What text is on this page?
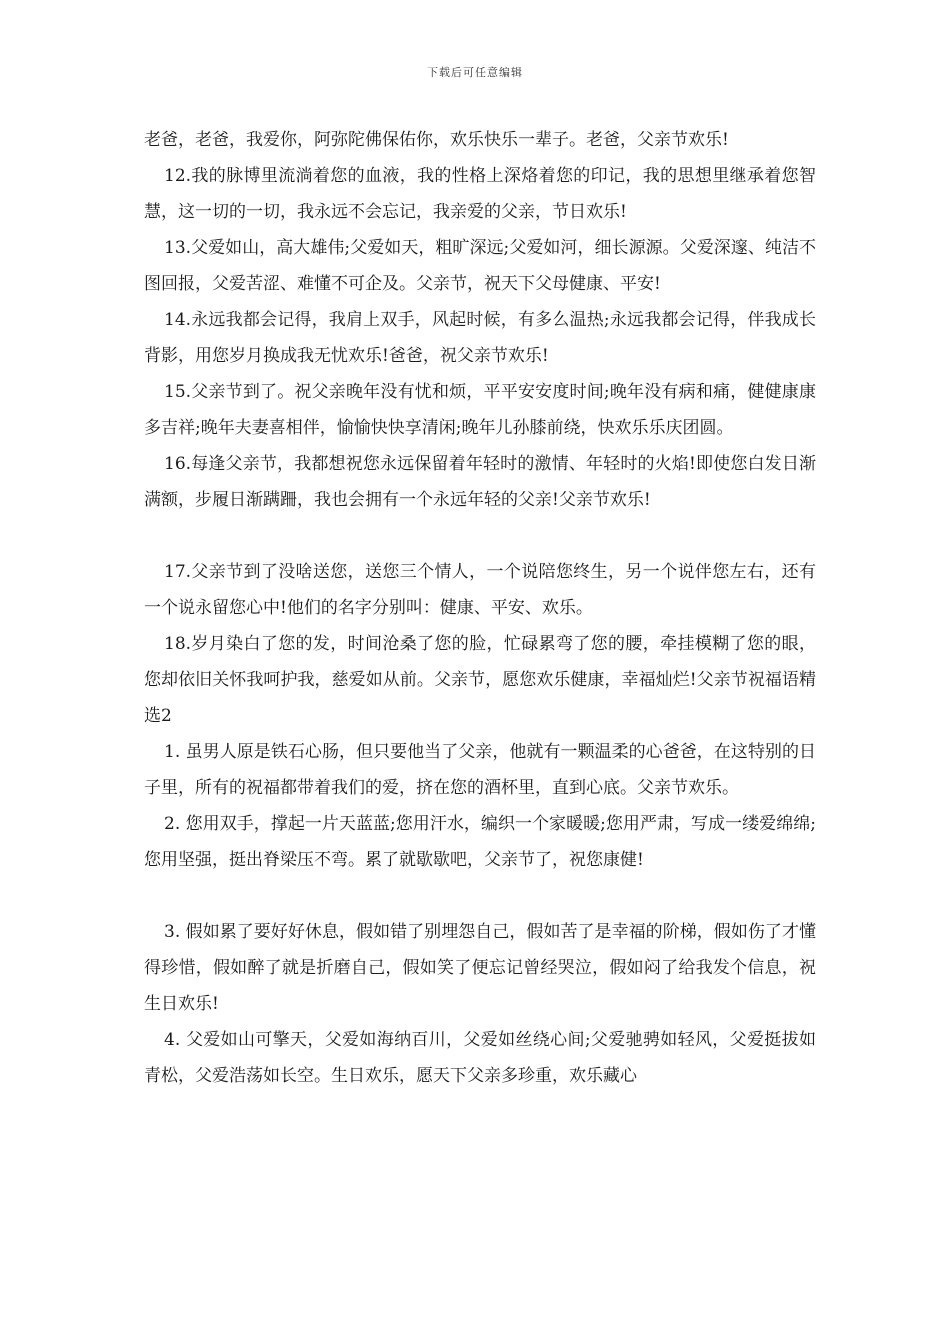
下载后可任意编辑

老爸，老爸，我爱你，阿弥陀佛保佑你，欢乐快乐一辈子。老爸，父亲节欢乐!

12.我的脉博里流淌着您的血液，我的性格上深烙着您的印记，我的思想里继承着您智慧，这一切的一切，我永远不会忘记，我亲爱的父亲，节日欢乐!

13.父爱如山，高大雄伟;父爱如天，粗旷深远;父爱如河，细长源源。父爱深邃、纯洁不图回报，父爱苦涩、难懂不可企及。父亲节，祝天下父母健康、平安!

14.永远我都会记得，我肩上双手，风起时候，有多么温热;永远我都会记得，伴我成长背影，用您岁月换成我无忧欢乐!爸爸，祝父亲节欢乐!

15.父亲节到了。祝父亲晚年没有忧和烦，平平安安度时间;晚年没有病和痛，健健康康多吉祥;晚年夫妻喜相伴，愉愉快快享清闲;晚年儿孙膝前绕，快欢乐乐庆团圆。

16.每逢父亲节，我都想祝您永远保留着年轻时的激情、年轻时的火焰!即使您白发日渐满额，步履日渐蹒跚，我也会拥有一个永远年轻的父亲!父亲节欢乐!

17.父亲节到了没啥送您，送您三个情人，一个说陪您终生，另一个说伴您左右，还有一个说永留您心中!他们的名字分别叫：健康、平安、欢乐。

18.岁月染白了您的发，时间沧桑了您的脸，忙碌累弯了您的腰，牵挂模糊了您的眼，您却依旧关怀我呵护我，慈爱如从前。父亲节，愿您欢乐健康，幸福灿烂!父亲节祝福语精选2

1. 虽男人原是铁石心肠，但只要他当了父亲，他就有一颗温柔的心爸爸，在这特别的日子里，所有的祝福都带着我们的爱，挤在您的酒杯里，直到心底。父亲节欢乐。

2. 您用双手，撑起一片天蓝蓝;您用汗水，编织一个家暖暖;您用严肃，写成一缕爱绵绵;您用坚强，挺出脊梁压不弯。累了就歇歇吧，父亲节了，祝您康健!

3. 假如累了要好好休息，假如错了别埋怨自己，假如苦了是幸福的阶梯，假如伤了才懂得珍惜，假如醉了就是折磨自己，假如笑了便忘记曾经哭泣，假如闷了给我发个信息，祝生日欢乐!

4. 父爱如山可擎天，父爱如海纳百川，父爱如丝绕心间;父爱驰骋如轻风，父爱挺拔如青松，父爱浩荡如长空。生日欢乐，愿天下父亲多珍重，欢乐藏心
